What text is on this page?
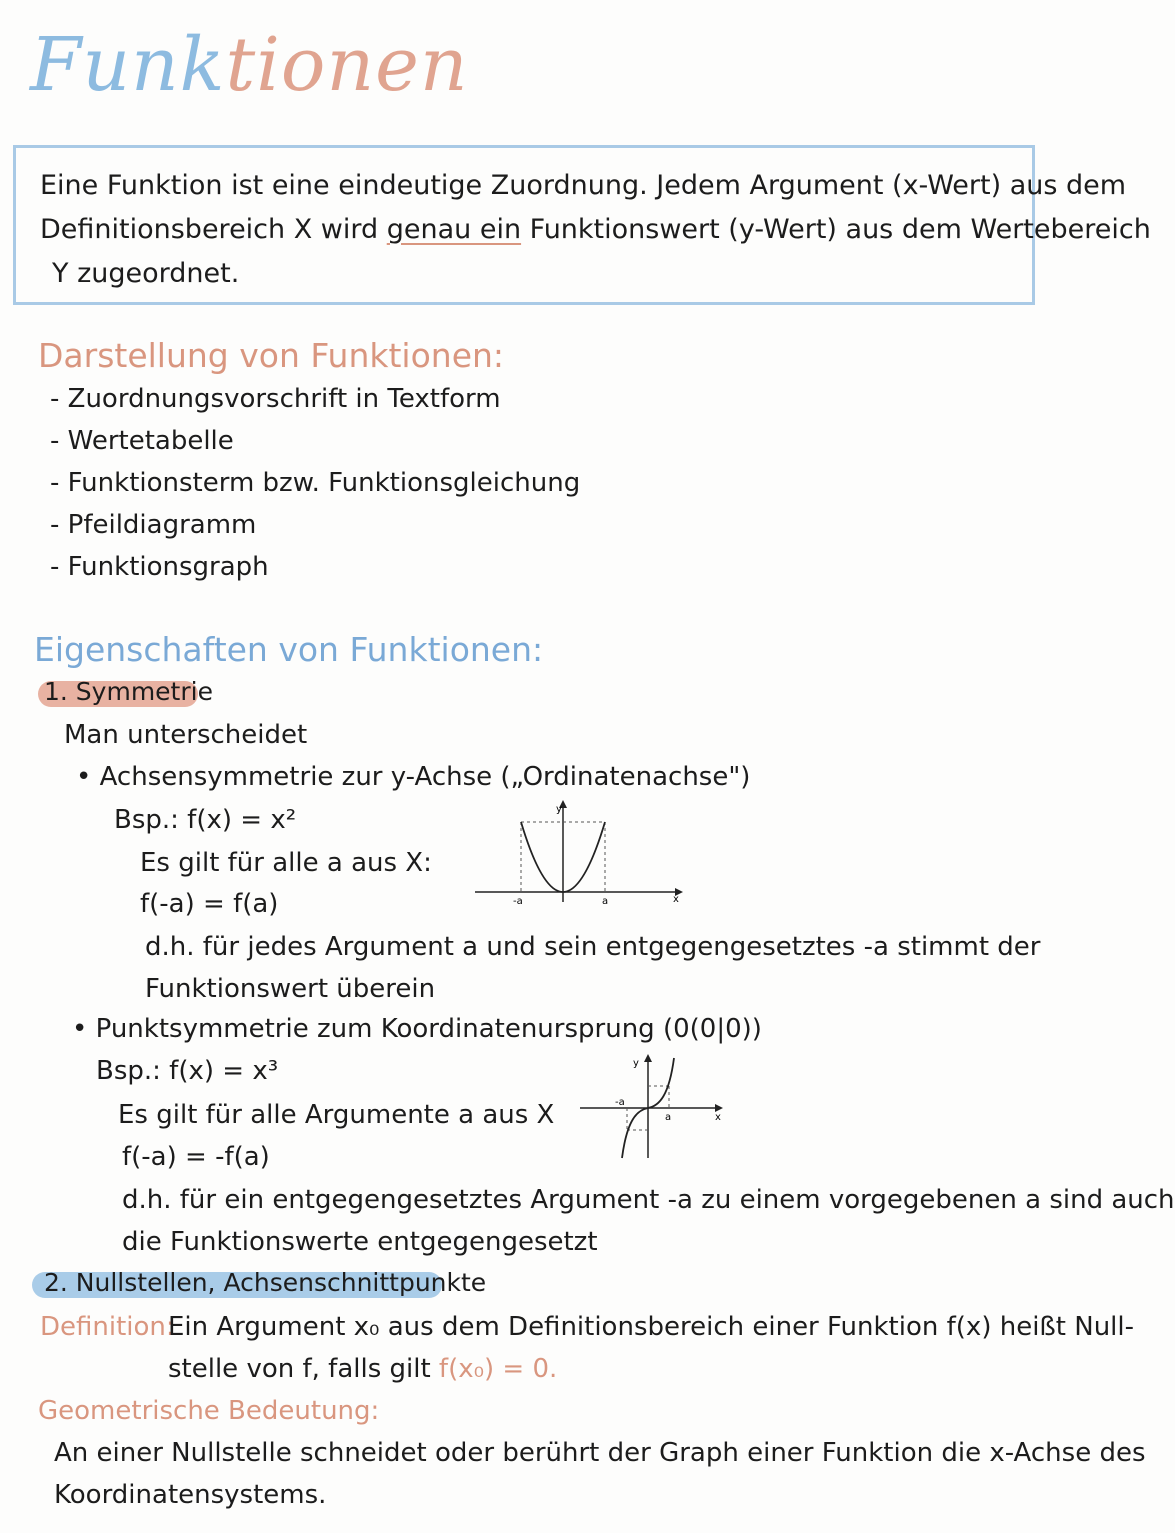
Funktionen
Eine Funktion ist eine eindeutige Zuordnung. Jedem Argument (x-Wert) aus dem
Definitionsbereich X wird genau ein Funktionswert (y-Wert) aus dem Wertebereich
Y zugeordnet.
Darstellung von Funktionen:
- Zuordnungsvorschrift in Textform
- Wertetabelle
- Funktionsterm bzw. Funktionsgleichung
- Pfeildiagramm
- Funktionsgraph
Eigenschaften von Funktionen:
1. Symmetrie
Man unterscheidet
• Achsensymmetrie zur y-Achse („Ordinatenachse")
Bsp.: f(x) = x²
Es gilt für alle a aus X:
f(-a) = f(a)
d.h. für jedes Argument a und sein entgegengesetztes -a stimmt der
Funktionswert überein
y
x
-a	a
• Punktsymmetrie zum Koordinatenursprung (0(0|0))
Bsp.: f(x) = x³
Es gilt für alle Argumente a aus X
f(-a) = -f(a)
d.h. für ein entgegengesetztes Argument -a zu einem vorgegebenen a sind auch
die Funktionswerte entgegengesetzt
y
x
-a
a
2. Nullstellen, Achsenschnittpunkte
Definition:
Ein Argument x₀ aus dem Definitionsbereich einer Funktion f(x) heißt Null-
stelle von f, falls gilt f(x₀) = 0.
Geometrische Bedeutung:
An einer Nullstelle schneidet oder berührt der Graph einer Funktion die x-Achse des
Koordinatensystems.
